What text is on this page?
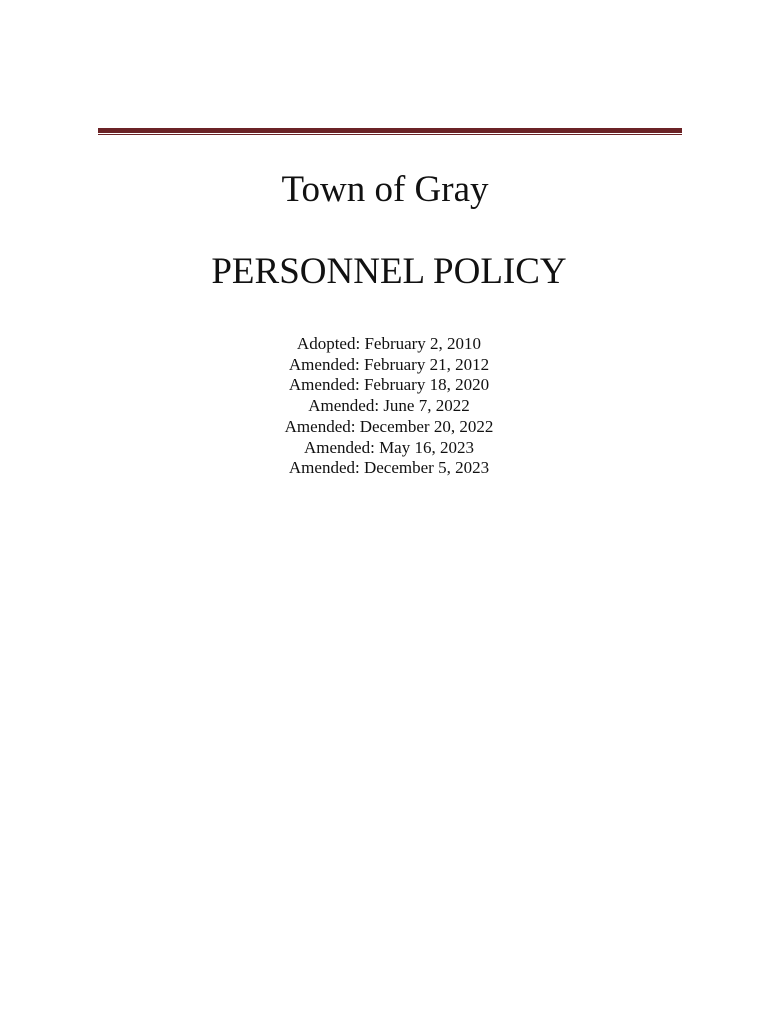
Town of Gray
PERSONNEL POLICY
Adopted: February 2, 2010
Amended: February 21, 2012
Amended: February 18, 2020
Amended: June 7, 2022
Amended: December 20, 2022
Amended: May 16, 2023
Amended: December 5, 2023
